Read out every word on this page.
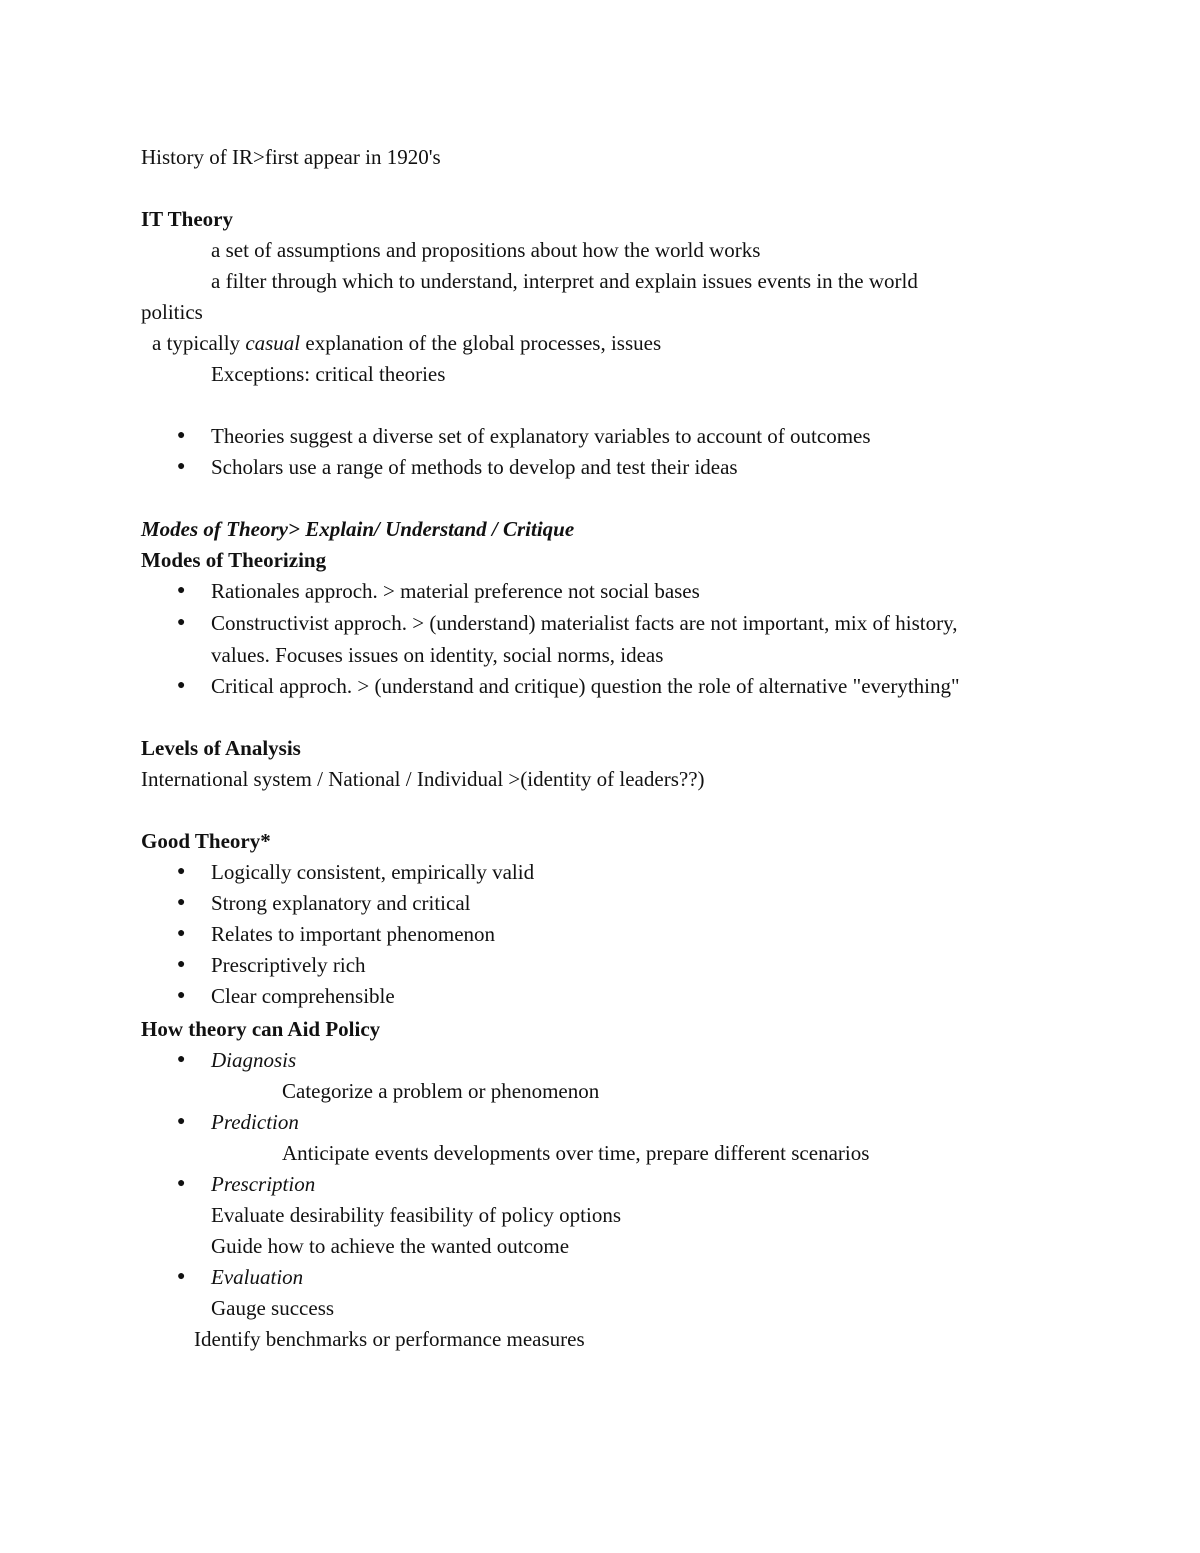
History of IR>first appear in 1920's
IT Theory
a set of assumptions and propositions about how the world works
a filter through which to understand, interpret and explain issues events in the world
politics
a typically casual explanation of the global processes, issues
Exceptions: critical theories
● Theories suggest a diverse set of explanatory variables to account of outcomes
● Scholars use a range of methods to develop and test their ideas
Modes of Theory> Explain/ Understand / Critique
Modes of Theorizing
● Rationales approch. > material preference not social bases
● Constructivist approch. > (understand) materialist facts are not important, mix of history,
values. Focuses issues on identity, social norms, ideas
● Critical approch. > (understand and critique) question the role of alternative "everything"
Levels of Analysis
International system / National / Individual >(identity of leaders??)
Good Theory*
● Logically consistent, empirically valid
● Strong explanatory and critical
● Relates to important phenomenon
● Prescriptively rich
● Clear comprehensible
How theory can Aid Policy
● Diagnosis
Categorize a problem or phenomenon
● Prediction
Anticipate events developments over time, prepare different scenarios
● Prescription
Evaluate desirability feasibility of policy options
Guide how to achieve the wanted outcome
● Evaluation
Gauge success
Identify benchmarks or performance measures
